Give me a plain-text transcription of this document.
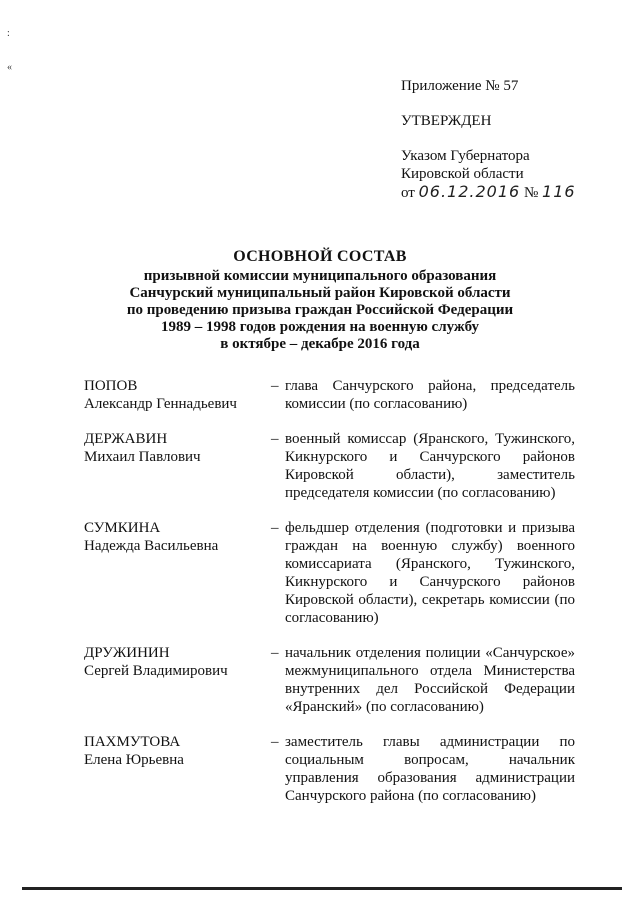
:
«
Приложение № 57
УТВЕРЖДЕН
Указом Губернатора
Кировской области
от 06.12.2016 № 116
ОСНОВНОЙ СОСТАВ
призывной комиссии муниципального образования
Санчурский муниципальный район Кировской области
по проведению призыва граждан Российской Федерации
1989 – 1998 годов рождения на военную службу
в октябре – декабре 2016 года
ПОПОВ
Александр Геннадьевич
– глава Санчурского района, председатель комиссии (по согласованию)
ДЕРЖАВИН
Михаил Павлович
– военный комиссар (Яранского, Тужинского, Кикнурского и Санчурского районов Кировской области), заместитель председателя комиссии (по согласованию)
СУМКИНА
Надежда Васильевна
– фельдшер отделения (подготовки и призыва граждан на военную службу) военного комиссариата (Яранского, Тужинского, Кикнурского и Санчурского районов Кировской области), секретарь комиссии (по согласованию)
ДРУЖИНИН
Сергей Владимирович
– начальник отделения полиции «Санчурское» межмуниципального отдела Министерства внутренних дел Российской Федерации «Яранский» (по согласованию)
ПАХМУТОВА
Елена Юрьевна
– заместитель главы администрации по социальным вопросам, начальник управления образования администрации Санчурского района (по согласованию)
